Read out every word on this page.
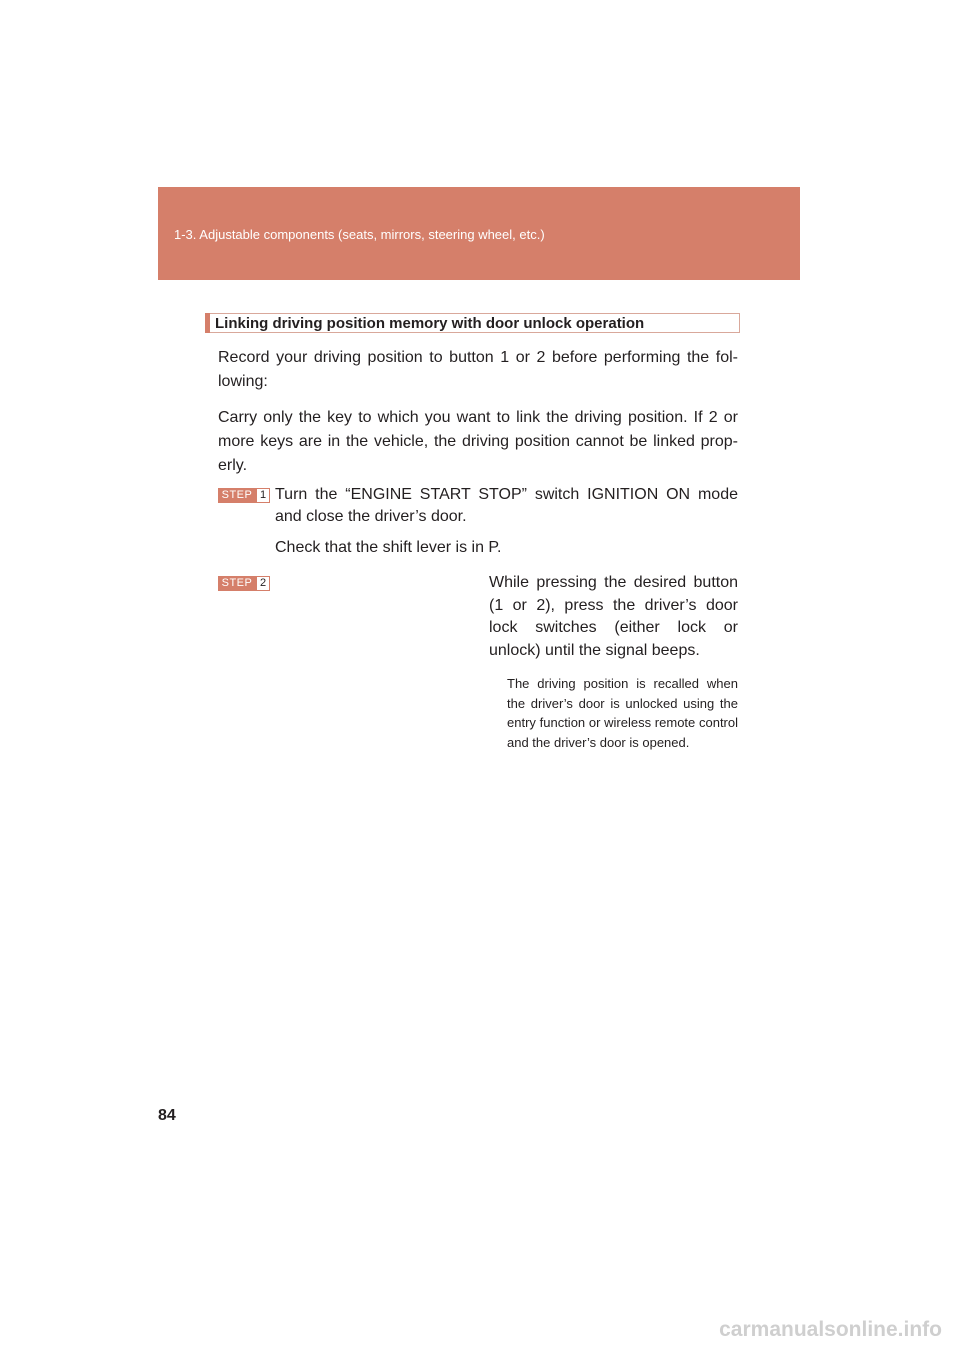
1-3. Adjustable components (seats, mirrors, steering wheel, etc.)
Linking driving position memory with door unlock operation
Record your driving position to button 1 or 2 before performing the fol-lowing:
Carry only the key to which you want to link the driving position. If 2 or more keys are in the vehicle, the driving position cannot be linked prop-erly.
STEP 1 Turn the “ENGINE START STOP” switch IGNITION ON mode and close the driver’s door.
Check that the shift lever is in P.
STEP 2	While pressing the desired button (1 or 2), press the driver’s door lock switches (either lock or unlock) until the signal beeps.
The driving position is recalled when the driver’s door is unlocked using the entry function or wireless remote control and the driver’s door is opened.
84
carmanualsonline.info
